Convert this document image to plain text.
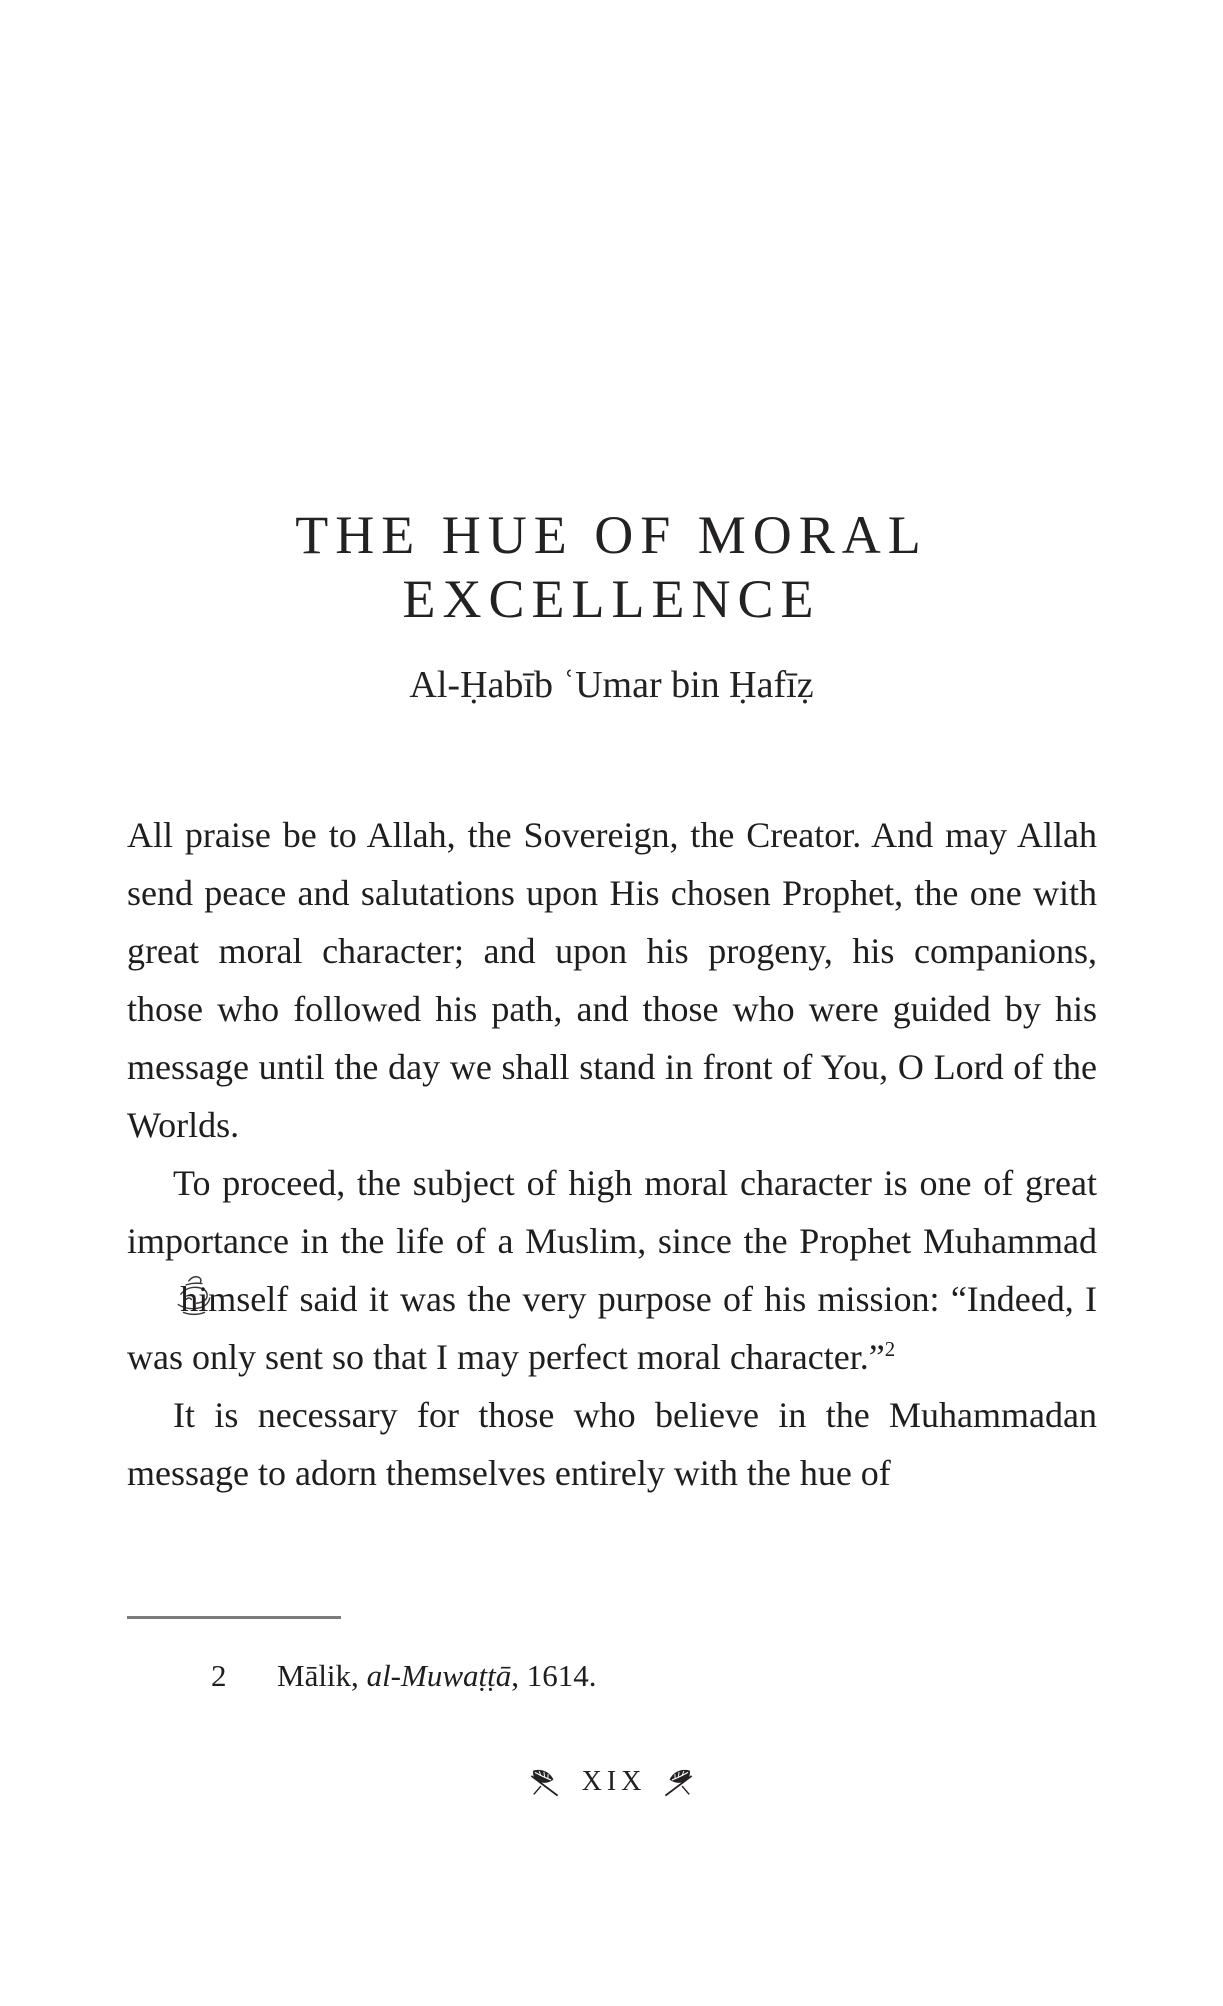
THE HUE OF MORAL
EXCELLENCE
Al-Ḥabīb ʿUmar bin Ḥafīẓ

All praise be to Allah, the Sovereign, the Creator. And may Allah send peace and salutations upon His chosen Prophet, the one with great moral character; and upon his progeny, his companions, those who followed his path, and those who were guided by his message until the day we shall stand in front of You, O Lord of the Worlds.

To proceed, the subject of high moral character is one of great importance in the life of a Muslim, since the Prophet Muhammad  himself said it was the very purpose of his mission: “Indeed, I was only sent so that I may perfect moral character.”$^2$

It is necessary for those who believe in the Muhammadan message to adorn themselves entirely with the hue of

2	Mālik, al-Muwaṭṭā, 1614.
XIX
